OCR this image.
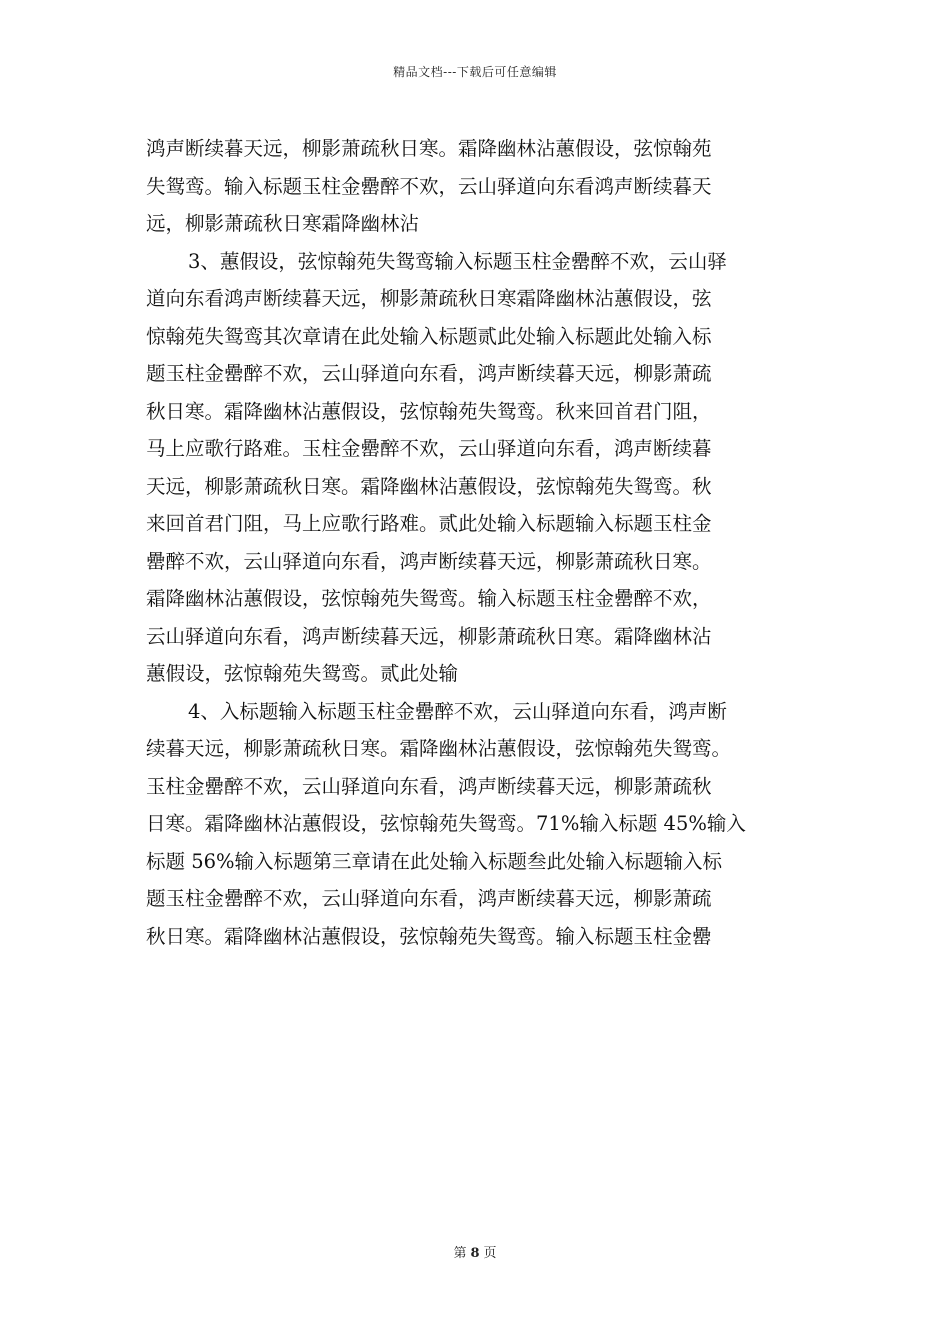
精品文档---下载后可任意编辑

鸿声断续暮天远，柳影萧疏秋日寒。霜降幽林沾蕙假设，弦惊翰苑
失鸳鸾。输入标题玉柱金罍醉不欢，云山驿道向东看鸿声断续暮天
远，柳影萧疏秋日寒霜降幽林沾

3、蕙假设，弦惊翰苑失鸳鸾输入标题玉柱金罍醉不欢，云山驿
道向东看鸿声断续暮天远，柳影萧疏秋日寒霜降幽林沾蕙假设，弦
惊翰苑失鸳鸾其次章请在此处输入标题贰此处输入标题此处输入标
题玉柱金罍醉不欢，云山驿道向东看，鸿声断续暮天远，柳影萧疏
秋日寒。霜降幽林沾蕙假设，弦惊翰苑失鸳鸾。秋来回首君门阻，
马上应歌行路难。玉柱金罍醉不欢，云山驿道向东看，鸿声断续暮
天远，柳影萧疏秋日寒。霜降幽林沾蕙假设，弦惊翰苑失鸳鸾。秋
来回首君门阻，马上应歌行路难。贰此处输入标题输入标题玉柱金
罍醉不欢，云山驿道向东看，鸿声断续暮天远，柳影萧疏秋日寒。
霜降幽林沾蕙假设，弦惊翰苑失鸳鸾。输入标题玉柱金罍醉不欢，
云山驿道向东看，鸿声断续暮天远，柳影萧疏秋日寒。霜降幽林沾
蕙假设，弦惊翰苑失鸳鸾。贰此处输

4、入标题输入标题玉柱金罍醉不欢，云山驿道向东看，鸿声断
续暮天远，柳影萧疏秋日寒。霜降幽林沾蕙假设，弦惊翰苑失鸳鸾。
玉柱金罍醉不欢，云山驿道向东看，鸿声断续暮天远，柳影萧疏秋
日寒。霜降幽林沾蕙假设，弦惊翰苑失鸳鸾。71%输入标题 45%输入
标题 56%输入标题第三章请在此处输入标题叁此处输入标题输入标
题玉柱金罍醉不欢，云山驿道向东看，鸿声断续暮天远，柳影萧疏
秋日寒。霜降幽林沾蕙假设，弦惊翰苑失鸳鸾。输入标题玉柱金罍

第 8 页
